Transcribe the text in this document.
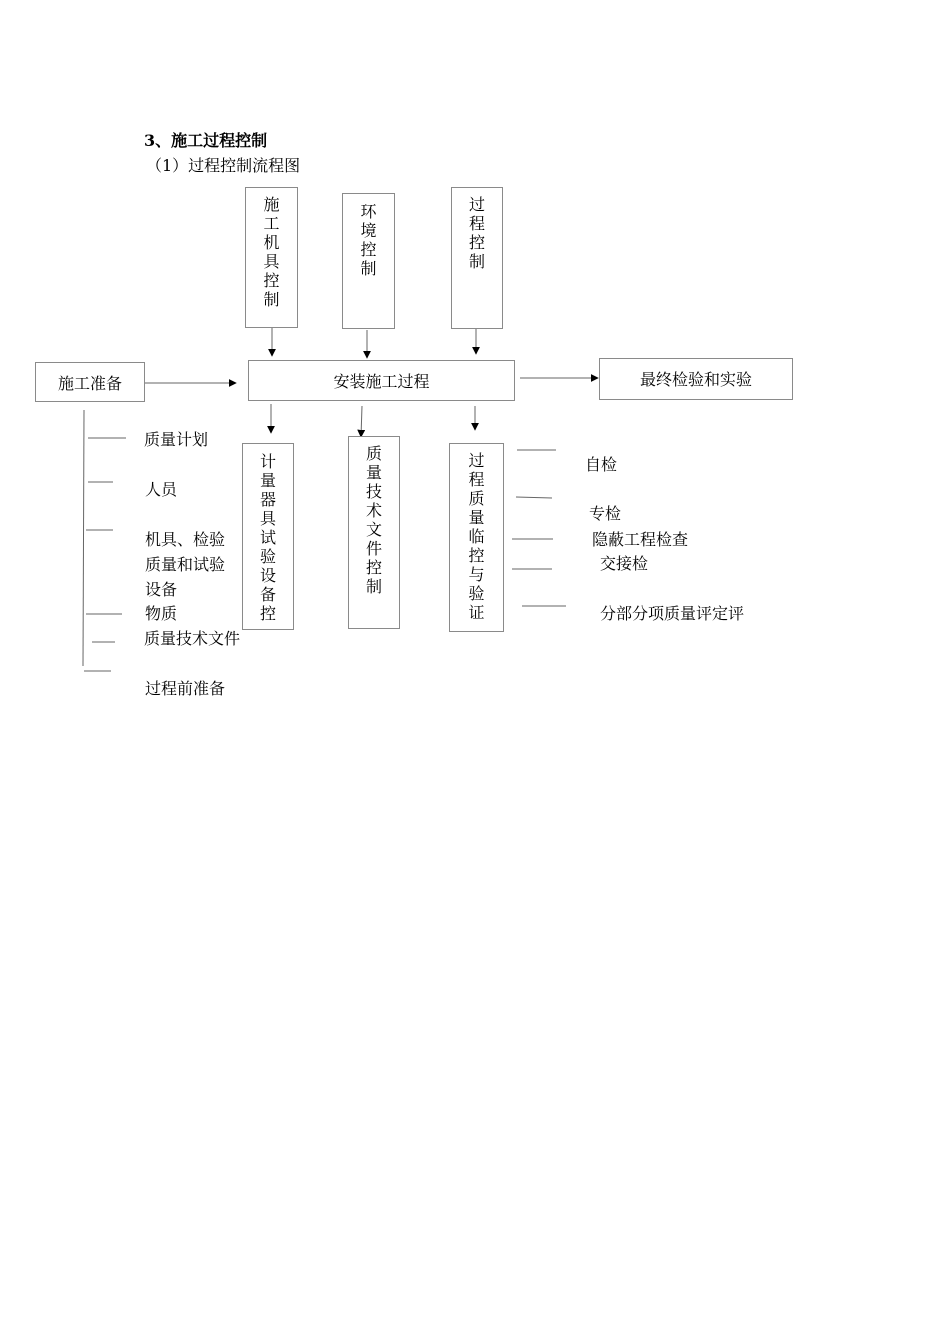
3、施工过程控制
（1）过程控制流程图
施工机具控制
环境控制
过程控制
施工准备	安装施工过程	最终检验和实验
计量器具试验设备控
质量技术文件控制
过程质量临控与验证
质量计划
人员
机具、检验
质量和试验
设备
物质
质量技术文件
过程前准备
自检
专检
隐蔽工程检查
交接检
分部分项质量评定评
